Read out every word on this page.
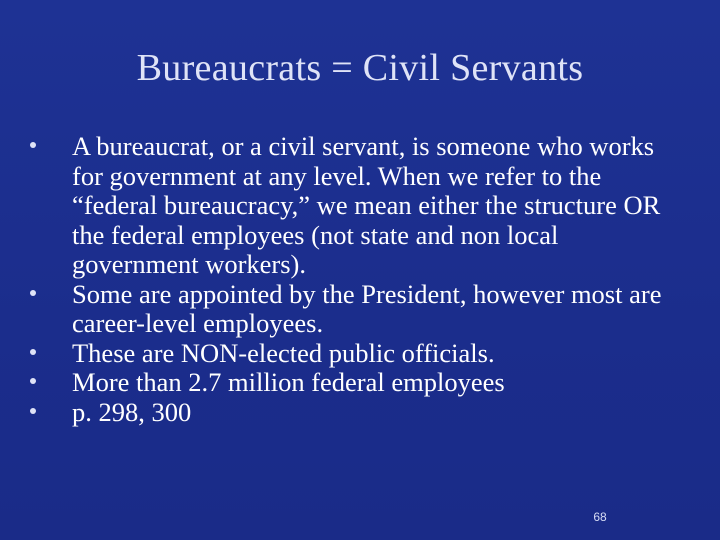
Bureaucrats = Civil Servants
A bureaucrat, or a civil servant, is someone who works for government at any level. When we refer to the “federal bureaucracy,” we mean either the structure OR the federal employees (not state and non local government workers).
Some are appointed by the President, however most are career-level employees.
These are NON-elected public officials.
More than 2.7 million federal employees
p. 298, 300
68
